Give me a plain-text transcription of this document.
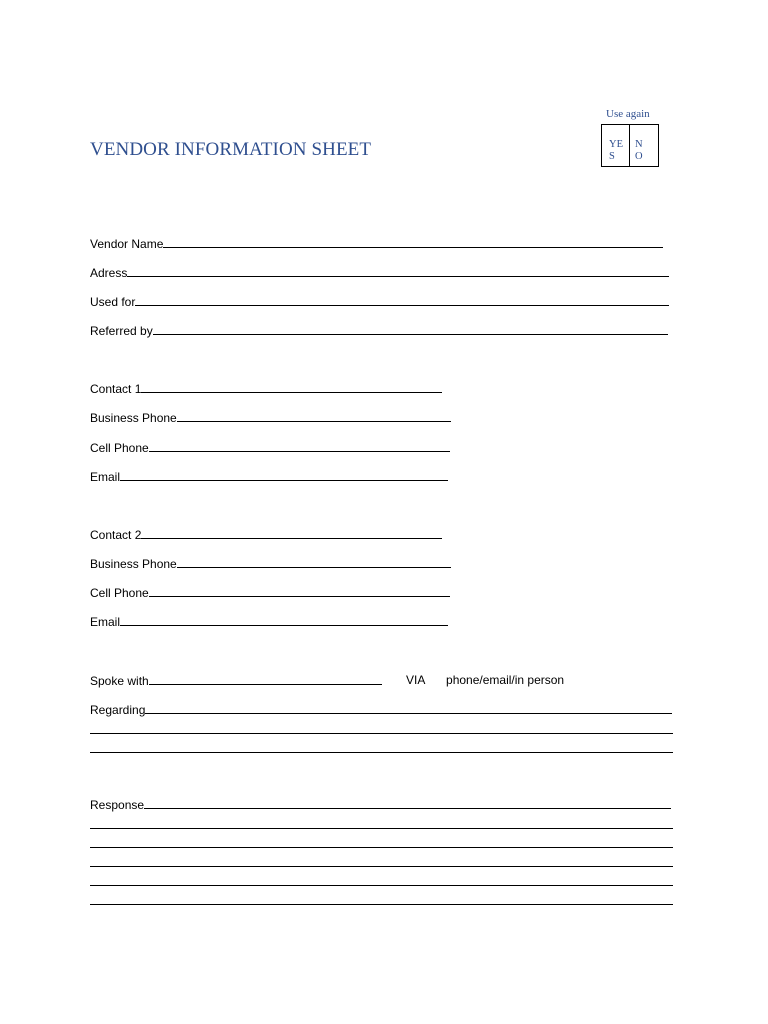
VENDOR INFORMATION SHEET
Use again
YES
NO
Vendor Name
Adress
Used for
Referred by
Contact 1
Business Phone
Cell Phone
Email
Contact 2
Business Phone
Cell Phone
Email
Spoke with	VIA phone/email/in person
Regarding
Response
